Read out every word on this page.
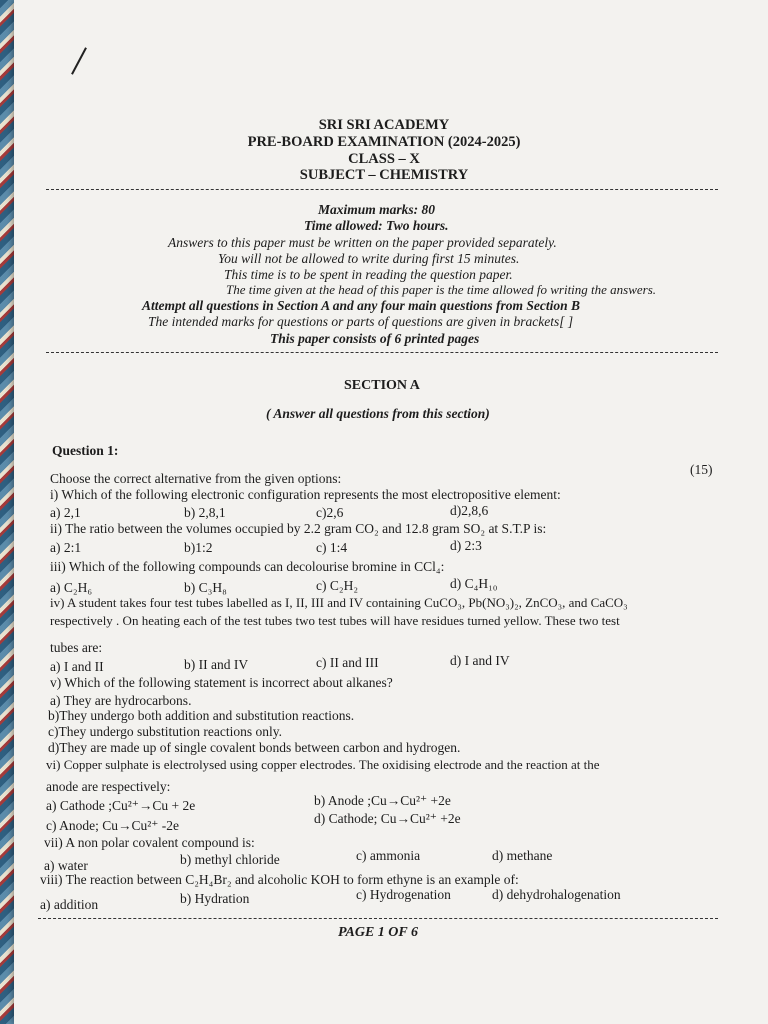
SRI SRI ACADEMY
PRE-BOARD EXAMINATION (2024-2025)
CLASS – X
SUBJECT – CHEMISTRY
Maximum marks: 80
Time allowed: Two hours.
Answers to this paper must be written on the paper provided separately.
You will not be allowed to write during first 15 minutes.
This time is to be spent in reading the question paper.
The time given at the head of this paper is the time allowed fo writing the answers.
Attempt all questions in Section A and any four main questions from Section B
The intended marks for questions or parts of questions are given in brackets[ ]
This paper consists of 6 printed pages
SECTION A
( Answer all questions from this section)
Question 1:
(15)
Choose the correct alternative from the given options:
i) Which of the following electronic configuration represents the most electropositive element:
a) 2,1	b) 2,8,1	c)2,6	d)2,8,6
ii) The ratio between the volumes occupied by 2.2 gram CO₂ and 12.8 gram SO₂ at S.T.P is:
a) 2:1	b)1:2	c) 1:4	d) 2:3
iii) Which of the following compounds can decolourise bromine in CCl₄:
a) C₂H₆	b) C₃H₈	c) C₂H₂	d) C₄H₁₀
iv) A student takes four test tubes labelled as I, II, III and IV containing CuCO₃, Pb(NO₃)₂, ZnCO₃, and CaCO₃
respectively . On heating each of the test tubes two test tubes will have residues turned yellow. These two test
tubes are:
a) I and II	b) II and IV	c) II and III	d) I and IV
v) Which of the following statement is incorrect about alkanes?
a) They are hydrocarbons.
b)They undergo both addition and substitution reactions.
c)They undergo substitution reactions only.
d)They are made up of single covalent bonds between carbon and hydrogen.
vi) Copper sulphate is electrolysed using copper electrodes. The oxidising electrode and the reaction at the
anode are respectively:
a) Cathode ;Cu²⁺→Cu + 2e	b) Anode ;Cu→Cu²⁺ +2e
c) Anode; Cu→Cu²⁺ -2e	d) Cathode; Cu→Cu²⁺ +2e
vii) A non polar covalent compound is:
a) water	b) methyl chloride	c) ammonia	d) methane
viii) The reaction between C₂H₄Br₂ and alcoholic KOH to form ethyne is an example of:
a) addition	b) Hydration	c) Hydrogenation	d) dehydrohalogenation
PAGE 1 OF 6
